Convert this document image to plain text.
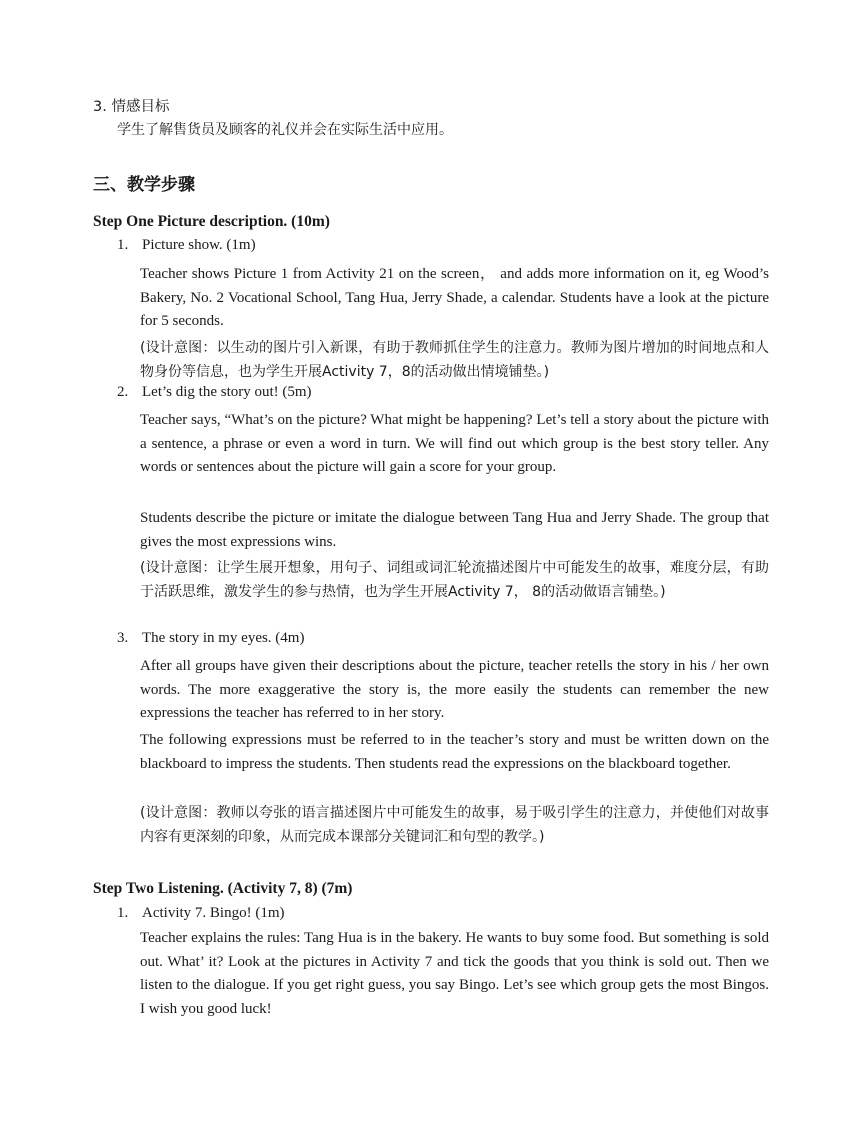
3. 情感目标
学生了解售货员及顾客的礼仪并会在实际生活中应用。
三、教学步骤
Step One Picture description. (10m)
1. Picture show. (1m)
Teacher shows Picture 1 from Activity 21 on the screen， and adds more information on it, eg Wood’s Bakery, No. 2 Vocational School, Tang Hua, Jerry Shade, a calendar. Students have a look at the picture for 5 seconds.
(设计意图：以生动的图片引入新课，有助于教师抓住学生的注意力。教师为图片增加的时间地点和人物身份等信息，也为学生开展Activity 7，8的活动做出情境铺垫。)
2. Let’s dig the story out! (5m)
Teacher says, “What’s on the picture? What might be happening? Let’s tell a story about the picture with a sentence, a phrase or even a word in turn. We will find out which group is the best story teller. Any words or sentences about the picture will gain a score for your group.
Students describe the picture or imitate the dialogue between Tang Hua and Jerry Shade. The group that gives the most expressions wins.
(设计意图：让学生展开想象，用句子、词组或词汇轮流描述图片中可能发生的故事，难度分层，有助于活跃思维，激发学生的参与热情，也为学生开展Activity 7， 8的活动做语言铺垫。)
3. The story in my eyes. (4m)
After all groups have given their descriptions about the picture, teacher retells the story in his / her own words. The more exaggerative the story is, the more easily the students can remember the new expressions the teacher has referred to in her story.
The following expressions must be referred to in the teacher’s story and must be written down on the blackboard to impress the students. Then students read the expressions on the blackboard together.
(设计意图：教师以夸张的语言描述图片中可能发生的故事，易于吸引学生的注意力，并使他们对故事内容有更深刻的印象，从而完成本课部分关键词汇和句型的教学。)
Step Two Listening. (Activity 7, 8) (7m)
1. Activity 7. Bingo! (1m)
Teacher explains the rules: Tang Hua is in the bakery. He wants to buy some food. But something is sold out. What’ it? Look at the pictures in Activity 7 and tick the goods that you think is sold out. Then we listen to the dialogue. If you get right guess, you say Bingo. Let’s see which group gets the most Bingos. I wish you good luck!
